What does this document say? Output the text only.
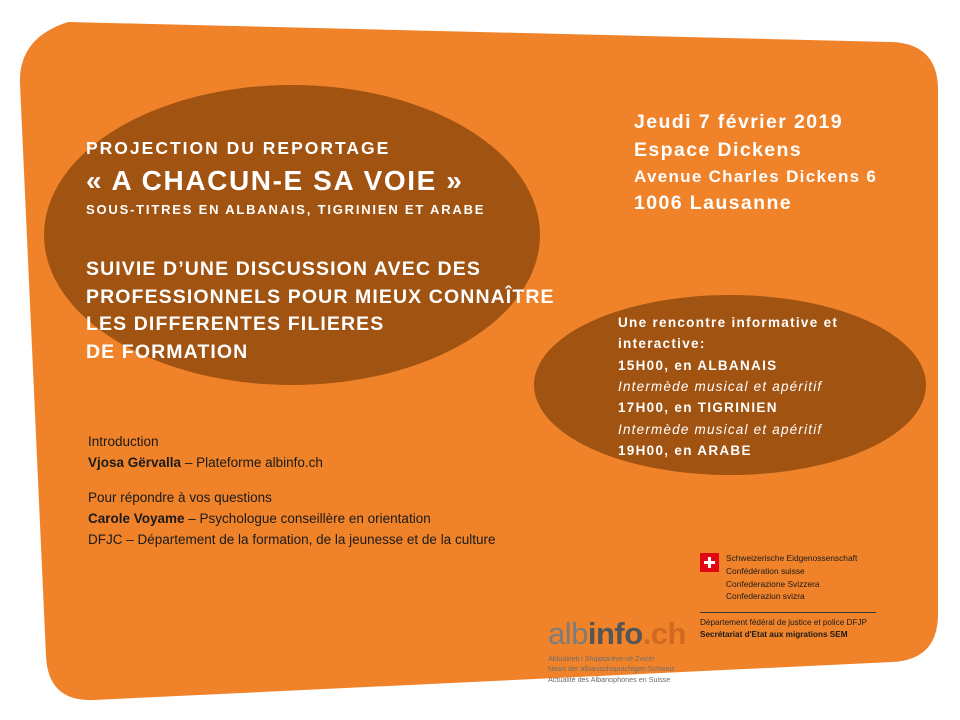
PROJECTION DU REPORTAGE

« A CHACUN-E SA VOIE »

SOUS-TITRES EN ALBANAIS, TIGRINIEN ET ARABE

SUIVIE D’UNE DISCUSSION AVEC DES
PROFESSIONNELS POUR MIEUX CONNAÎTRE
LES DIFFERENTES FILIERES
DE FORMATION
Jeudi 7 février 2019
Espace Dickens
Avenue Charles Dickens 6
1006 Lausanne
Une rencontre informative et
interactive:
15H00, en ALBANAIS
Intermède musical et apéritif
17H00, en TIGRINIEN
Intermède musical et apéritif
19H00, en ARABE
Introduction
Vjosa Gërvalla – Plateforme albinfo.ch
Pour répondre à vos questions
Carole Voyame – Psychologue conseillère en orientation
DFJC – Département de la formation, de la jeunesse et de la culture
albinfo.ch
Aktualiteti i Shqiptarëve në Zvicër
News der albanischsprachigen Schweiz
Actualité des Albanophones en Suisse
Schweizerische Eidgenossenschaft
Confédération suisse
Confederazione Svizzera
Confederaziun svizra
Département fédéral de justice et police DFJP
Secrétariat d'Etat aux migrations SEM
